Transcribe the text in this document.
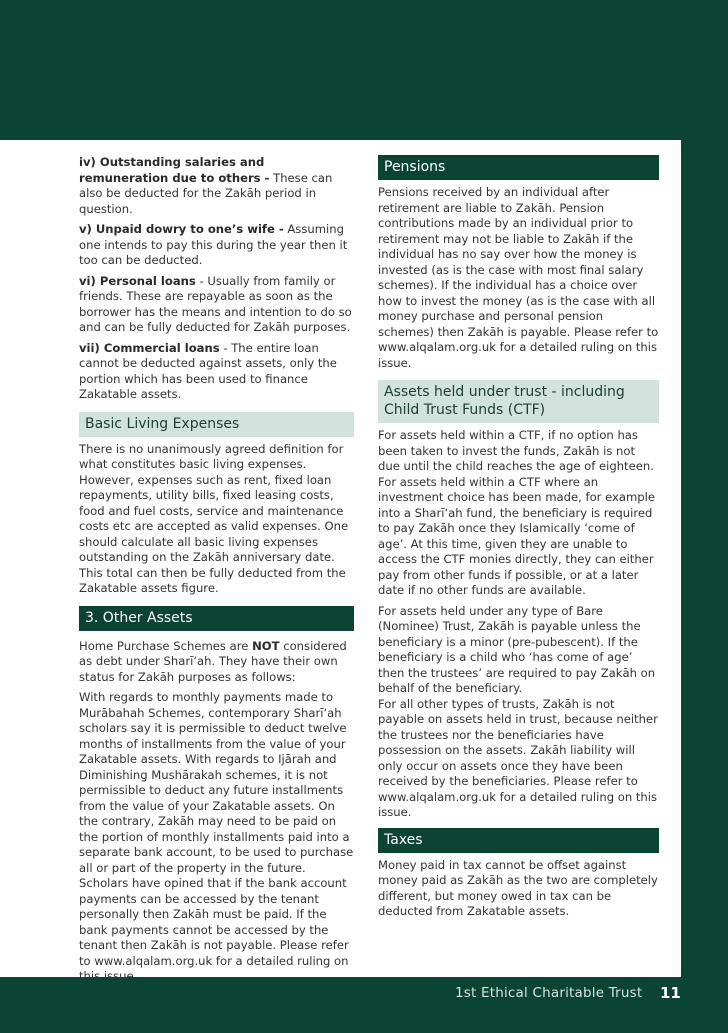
1st Ethical Charitable Trust 11

iv) Outstanding salaries and remuneration due to others - These can also be deducted for the Zakāh period in question.

v) Unpaid dowry to one’s wife - Assuming one intends to pay this during the year then it too can be deducted.

vi) Personal loans - Usually from family or friends. These are repayable as soon as the borrower has the means and intention to do so and can be fully deducted for Zakāh purposes.

vii) Commercial loans - The entire loan cannot be deducted against assets, only the portion which has been used to finance Zakatable assets.

Basic Living Expenses

There is no unanimously agreed definition for what constitutes basic living expenses. However, expenses such as rent, fixed loan repayments, utility bills, fixed leasing costs, food and fuel costs, service and maintenance costs etc are accepted as valid expenses. One should calculate all basic living expenses outstanding on the Zakāh anniversary date. This total can then be fully deducted from the Zakatable assets figure.

3. Other Assets

Home Purchase Schemes are NOT considered as debt under Sharī‘ah. They have their own status for Zakāh purposes as follows:

With regards to monthly payments made to Murābahah Schemes, contemporary Sharī‘ah scholars say it is permissible to deduct twelve months of installments from the value of your Zakatable assets. With regards to Ijārah and Diminishing Mushārakah schemes, it is not permissible to deduct any future installments from the value of your Zakatable assets. On the contrary, Zakāh may need to be paid on the portion of monthly installments paid into a separate bank account, to be used to purchase all or part of the property in the future. Scholars have opined that if the bank account payments can be accessed by the tenant personally then Zakāh must be paid. If the bank payments cannot be accessed by the tenant then Zakāh is not payable. Please refer to www.alqalam.org.uk for a detailed ruling on this issue.

Pensions

Pensions received by an individual after retirement are liable to Zakāh. Pension contributions made by an individual prior to retirement may not be liable to Zakāh if the individual has no say over how the money is invested (as is the case with most final salary schemes). If the individual has a choice over how to invest the money (as is the case with all money purchase and personal pension schemes) then Zakāh is payable. Please refer to www.alqalam.org.uk for a detailed ruling on this issue.

Assets held under trust - including Child Trust Funds (CTF)

For assets held within a CTF, if no option has been taken to invest the funds, Zakāh is not due until the child reaches the age of eighteen. For assets held within a CTF where an investment choice has been made, for example into a Sharī‘ah fund, the beneficiary is required to pay Zakāh once they Islamically ‘come of age’. At this time, given they are unable to access the CTF monies directly, they can either pay from other funds if possible, or at a later date if no other funds are available.

For assets held under any type of Bare (Nominee) Trust, Zakāh is payable unless the beneficiary is a minor (pre-pubescent). If the beneficiary is a child who ‘has come of age’ then the trustees’ are required to pay Zakāh on behalf of the beneficiary.

For all other types of trusts, Zakāh is not payable on assets held in trust, because neither the trustees nor the beneficiaries have possession on the assets. Zakāh liability will only occur on assets once they have been received by the beneficiaries. Please refer to www.alqalam.org.uk for a detailed ruling on this issue.

Taxes

Money paid in tax cannot be offset against money paid as Zakāh as the two are completely different, but money owed in tax can be deducted from Zakatable assets.
